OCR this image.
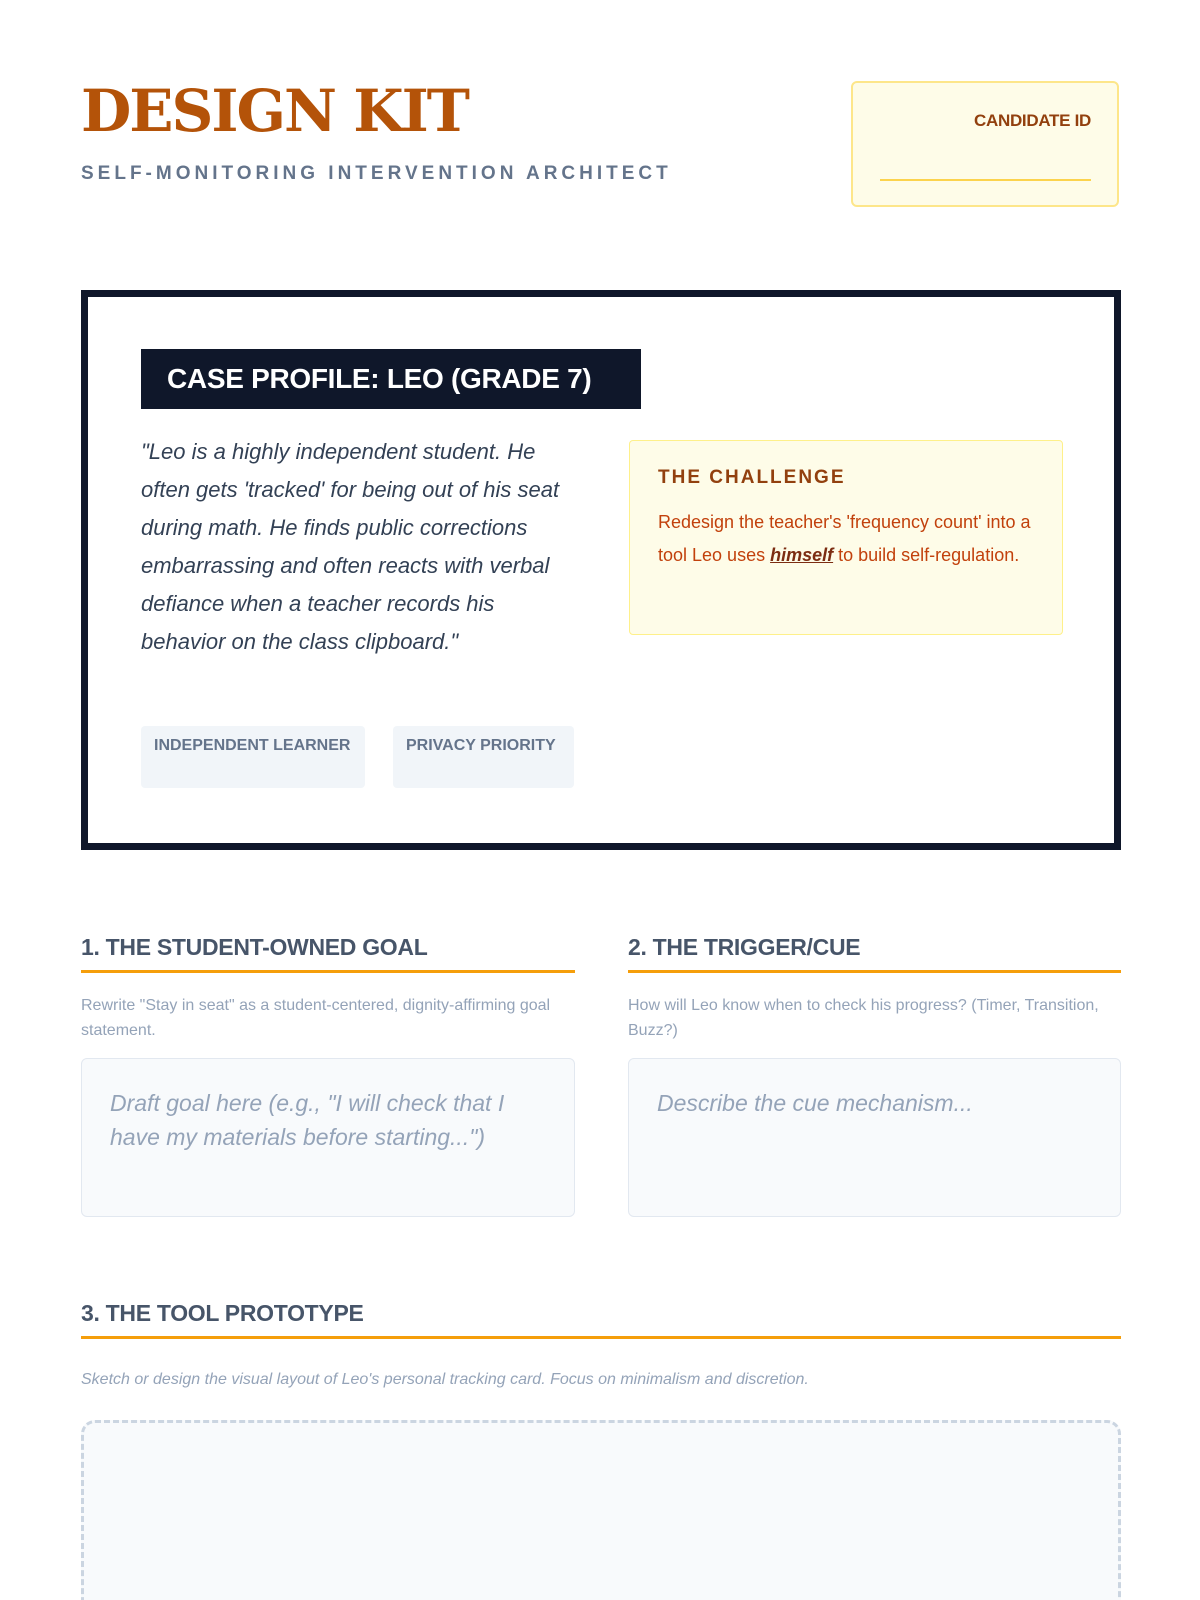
DESIGN KIT
SELF-MONITORING INTERVENTION ARCHITECT
CANDIDATE ID
CASE PROFILE: LEO (GRADE 7)

"Leo is a highly independent student. He often gets 'tracked' for being out of his seat during math. He finds public corrections embarrassing and often reacts with verbal defiance when a teacher records his behavior on the class clipboard."

INDEPENDENT LEARNER	PRIVACY PRIORITY
THE CHALLENGE
Redesign the teacher's 'frequency count' into a tool Leo uses himself to build self-regulation.
1. THE STUDENT-OWNED GOAL
Rewrite "Stay in seat" as a student-centered, dignity-affirming goal statement.
Draft goal here (e.g., "I will check that I have my materials before starting...")
2. THE TRIGGER/CUE
How will Leo know when to check his progress? (Timer, Transition, Buzz?)
Describe the cue mechanism...
3. THE TOOL PROTOTYPE
Sketch or design the visual layout of Leo's personal tracking card. Focus on minimalism and discretion.
